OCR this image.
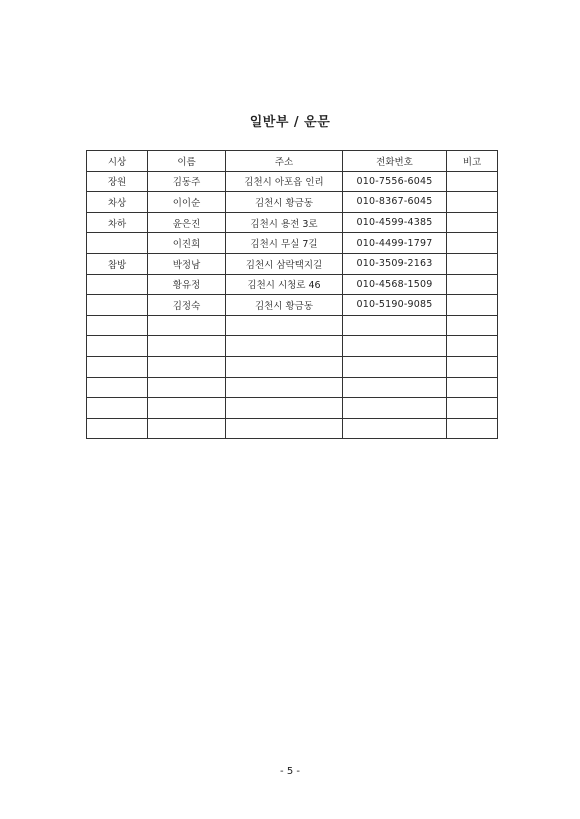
일반부 / 운문
시상	이름	주소	전화번호	비고
장원	김동주	김천시 아포읍 인리	010-7556-6045	
차상	이이순	김천시 황금동	010-8367-6045	
차하	윤은진	김천시 용전 3로	010-4599-4385	
	이진희	김천시 무실 7길	010-4499-1797	
참방	박정남	김천시 삼락택지길	010-3509-2163	
	황유정	김천시 시청로 46	010-4568-1509	
	김정숙	김천시 황금동	010-5190-9085	

- 5 -
